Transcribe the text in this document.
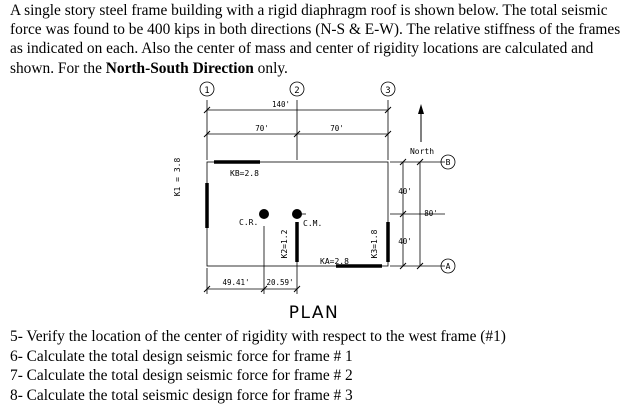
A single story steel frame building with a rigid diaphragm roof is shown below. The total seismic force was found to be 400 kips in both directions (N-S & E-W). The relative stiffness of the frames as indicated on each. Also the center of mass and center of rigidity locations are calculated and shown. For the North-South Direction only.
1	2	3
A
B
140'
70'	70'
North
40'
40'
80'
KB=2.8
KA=2.8
K1 = 3.8
K2=1.2	K3=1.8
C.R.	C.M.
49.41' 20.59'
PLAN
5- Verify the location of the center of rigidity with respect to the west frame (#1)
6- Calculate the total design seismic force for frame # 1
7- Calculate the total design seismic force for frame # 2
8- Calculate the total seismic design force for frame # 3
